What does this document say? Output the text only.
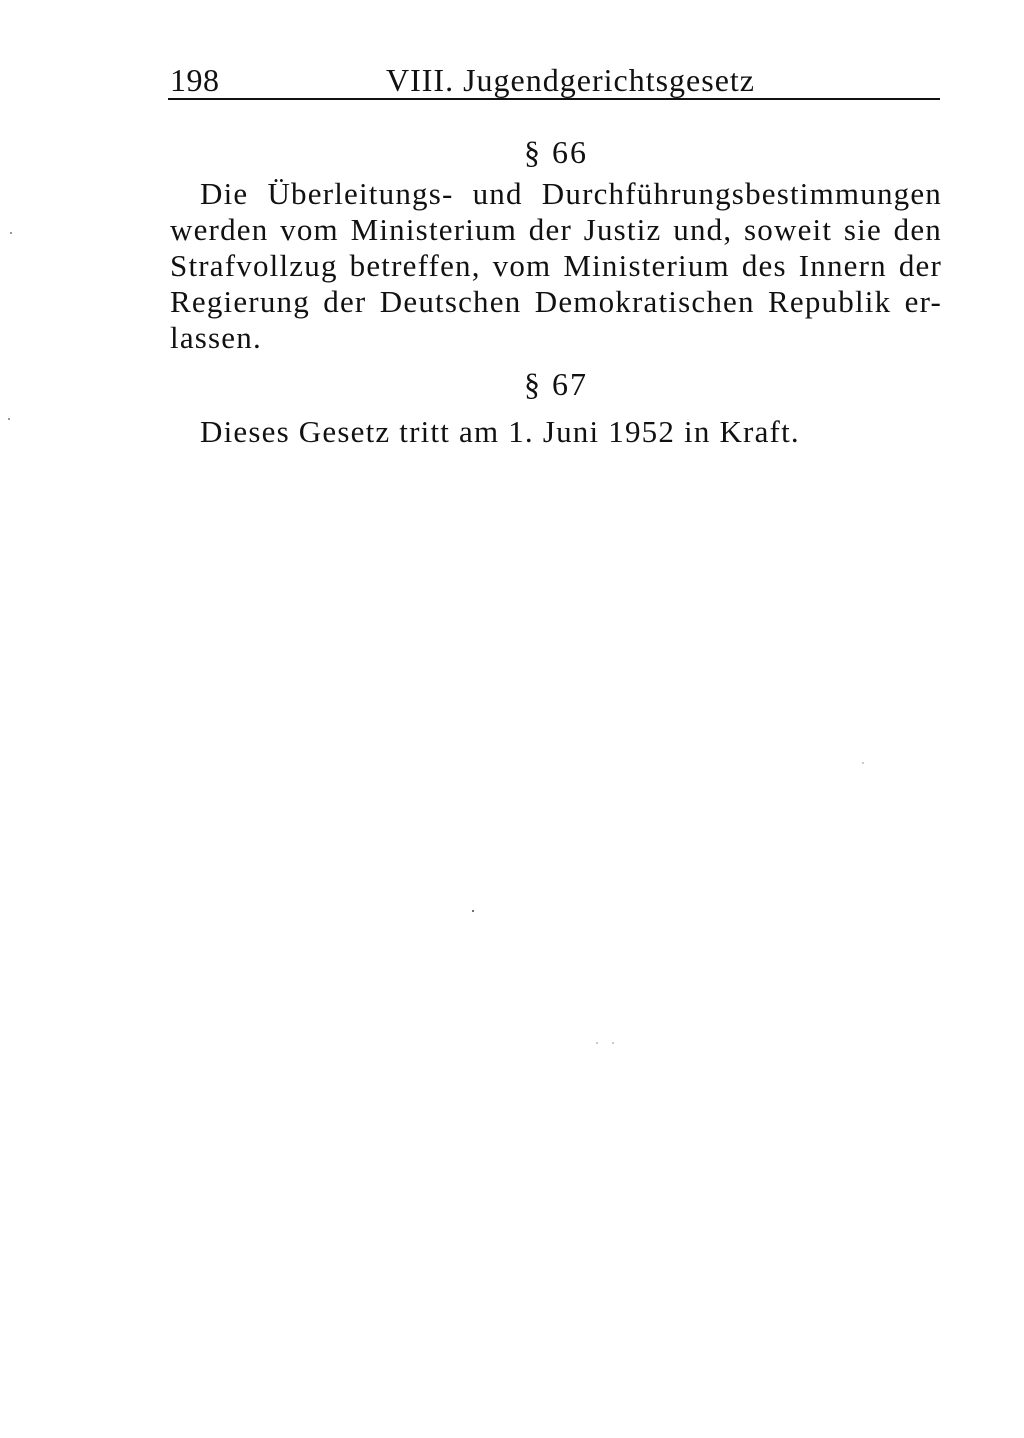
198	VIII. Jugendgerichtsgesetz
§ 66
Die Überleitungs- und Durchführungsbestimmungen
werden vom Ministerium der Justiz und, soweit sie den
Strafvollzug betreffen, vom Ministerium des Innern der
Regierung der Deutschen Demokratischen Republik er-
lassen.
§ 67
Dieses Gesetz tritt am 1. Juni 1952 in Kraft.
